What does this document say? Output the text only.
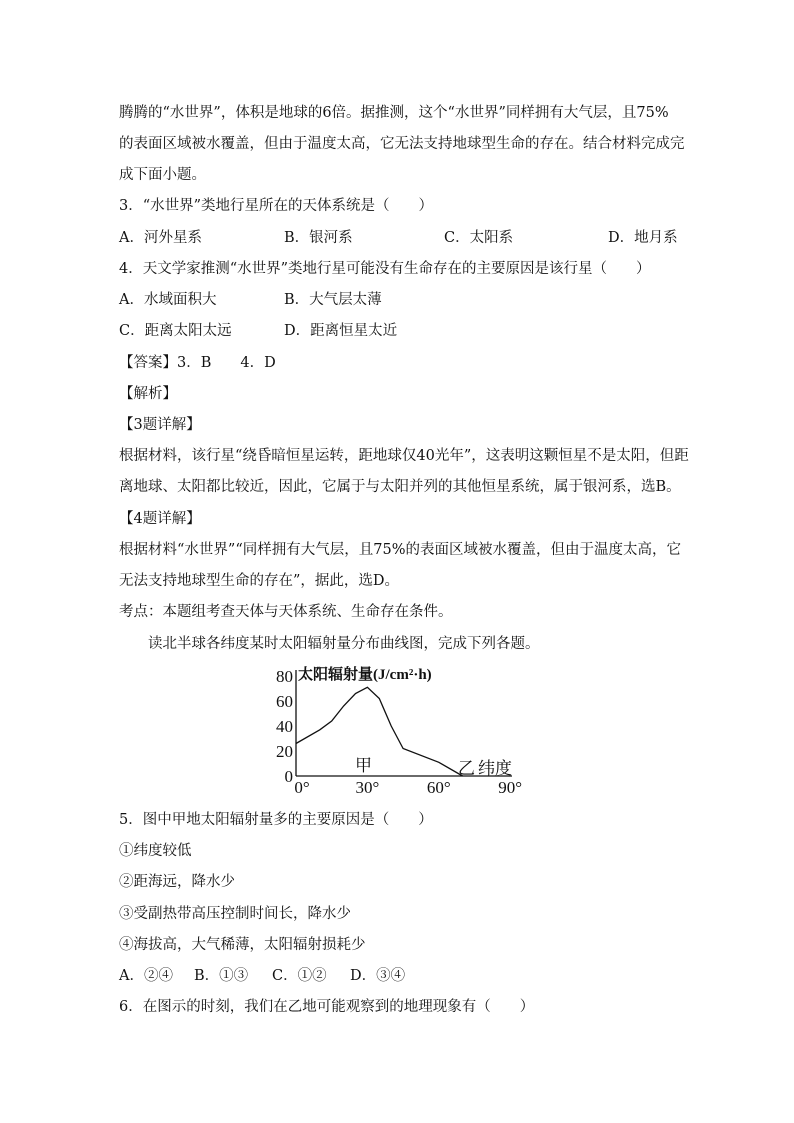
腾腾的“水世界”，体积是地球的6倍。据推测，这个“水世界”同样拥有大气层，且75%
的表面区域被水覆盖，但由于温度太高，它无法支持地球型生命的存在。结合材料完成完
成下面小题。
3．“水世界”类地行星所在的天体系统是（　　）
A．河外星系	B．银河系	C．太阳系	D．地月系
4．天文学家推测“水世界”类地行星可能没有生命存在的主要原因是该行星（　　）
A．水域面积大	B．大气层太薄
C．距离太阳太远	D．距离恒星太近
【答案】3．B　　4．D
【解析】
【3题详解】
根据材料，该行星“绕昏暗恒星运转，距地球仅40光年”，这表明这颗恒星不是太阳，但距
离地球、太阳都比较近，因此，它属于与太阳并列的其他恒星系统，属于银河系，选B。
【4题详解】
根据材料“水世界”“同样拥有大气层，且75%的表面区域被水覆盖，但由于温度太高，它
无法支持地球型生命的存在”，据此，选D。
考点：本题组考查天体与天体系统、生命存在条件。
读北半球各纬度某时太阳辐射量分布曲线图，完成下列各题。
0
20
40
60
80
0°	30°	60°	90°
太阳辐射量(J/cm²·h)
纬度
甲	乙
5．图中甲地太阳辐射量多的主要原因是（　　）
①纬度较低
②距海远，降水少
③受副热带高压控制时间长，降水少
④海拔高，大气稀薄，太阳辐射损耗少
A．②④ B．①③ C．①② D．③④
6．在图示的时刻，我们在乙地可能观察到的地理现象有（　　）
